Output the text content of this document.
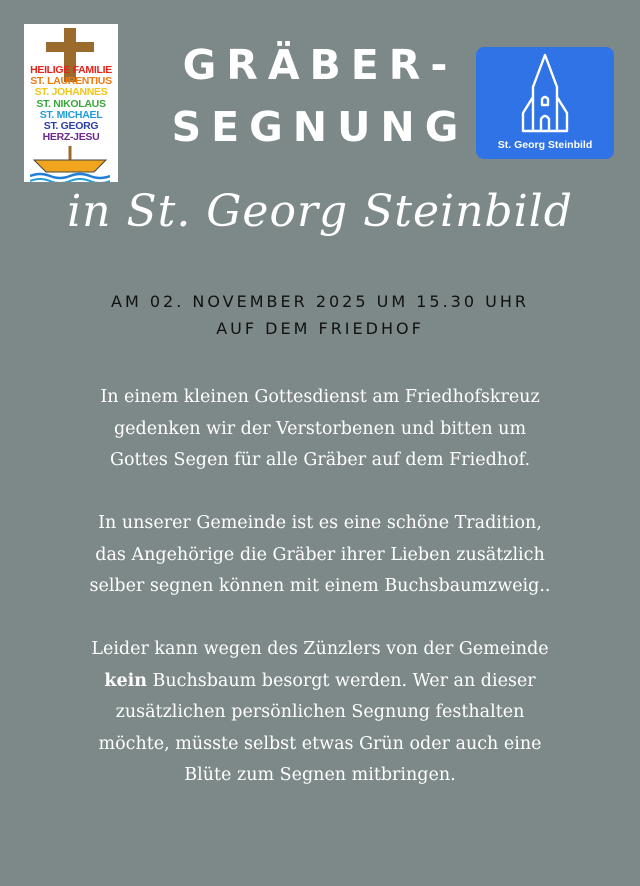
HEILIGE FAMILIE
ST. LAURENTIUS
ST. JOHANNES
ST. NIKOLAUS
ST. MICHAEL
ST. GEORG
HERZ-JESU
GRÄBER-
SEGNUNG	St. Georg Steinbild
in St. Georg Steinbild
AM 02. NOVEMBER 2025 UM 15.30 UHR
AUF DEM FRIEDHOF
In einem kleinen Gottesdienst am Friedhofskreuz
gedenken wir der Verstorbenen und bitten um
Gottes Segen für alle Gräber auf dem Friedhof.
In unserer Gemeinde ist es eine schöne Tradition,
das Angehörige die Gräber ihrer Lieben zusätzlich
selber segnen können mit einem Buchsbaumzweig..
Leider kann wegen des Zünzlers von der Gemeinde
kein Buchsbaum besorgt werden. Wer an dieser
zusätzlichen persönlichen Segnung festhalten
möchte, müsste selbst etwas Grün oder auch eine
Blüte zum Segnen mitbringen.
